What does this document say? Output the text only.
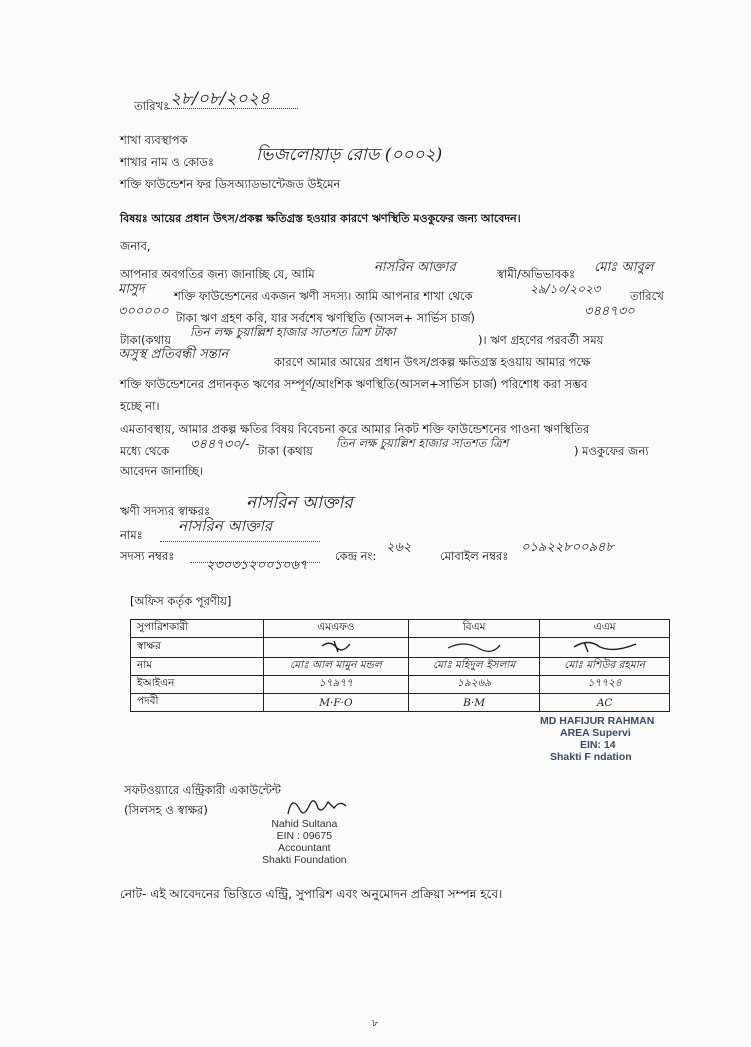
তারিখঃ ২৮/০৮/২০২৪
শাখা ব্যবস্থাপক
শাখার নাম ও কোডঃ ভিজলোয়াড় রোড (০০০২)
শক্তি ফাউন্ডেশন ফর ডিসঅ্যাডভান্টেজড উইমেন
বিষয়ঃ আয়ের প্রধান উৎস/প্রকল্প ক্ষতিগ্রস্ত হওয়ার কারণে ঋণস্থিতি মওকুফের জন্য আবেদন।
জনাব,
আপনার অবগতির জন্য জানাচ্ছি যে, আমি	নাসরিন আক্তার	স্বামী/অভিভাবকঃ মোঃ আবুল
মাসুদ	শক্তি ফাউন্ডেশনের একজন ঋণী সদস্য। আমি আপনার শাখা থেকে	২৯/১০/২০২৩	তারিখে
৩০০০০০ টাকা ঋণ গ্রহণ করি, যার সর্বশেষ ঋণস্থিতি (আসল+ সার্ভিস চার্জ)	৩৪৪৭৩০
টাকা(কথায়
তিন লক্ষ চুয়াল্লিশ হাজার সাতশত ত্রিশ টাকা
)। ঋণ গ্রহণের পরবর্তী সময়
অসুস্থ প্রতিবন্ধী সন্তান	কারণে আমার আয়ের প্রধান উৎস/প্রকল্প ক্ষতিগ্রস্ত হওয়ায় আমার পক্ষে
শক্তি ফাউন্ডেশনের প্রদানকৃত ঋণের সম্পূর্ণ/আংশিক ঋণস্থিতি(আসল+সার্ভিস চার্জ) পরিশোধ করা সম্ভব
হচ্ছে না।
এমতাবস্থায়, আমার প্রকল্প ক্ষতির বিষয় বিবেচনা করে আমার নিকট শক্তি ফাউন্ডেশনের পাওনা ঋণস্থিতির
মধ্যে থেকে ৩৪৪৭৩০/- টাকা (কথায়
তিন লক্ষ চুয়াল্লিশ হাজার সাতশত ত্রিশ
) মওকুফের জন্য
আবেদন জানাচ্ছি।
ঋণী সদস্যর স্বাক্ষরঃ নাসরিন আক্তার
নামঃ নাসরিন আক্তার
সদস্য নম্বরঃ
২৩০৩১২০০১০৬৭
কেন্দ্র নং:
২৬২
মোবাইল নম্বরঃ
০১৯২২৮০০৯৪৮
[অফিস কর্তৃক পূরণীয়]
সুপারিশকারী	এমএফও	বিএম	এএম
স্বাক্ষর			
নাম	মোঃ আল মামুন মন্ডল	মোঃ মহিদুল ইসলাম	মোঃ মশিউর রহমান
ইআইএন	১৭৯৭৭	১৯২৬৯	১৭৭২৪
পদবী	M·F·O	B·M	AC
MD HAFIJUR RAHMAN
AREA Supervi
EIN: 14
Shakti F ndation
সফটওয়্যারে এন্ট্রিকারী একাউন্টেন্ট
(সিলসহ ও স্বাক্ষর)
Nahid Sultana
EIN : 09675
Accountant
Shakti Foundation
নোট- এই আবেদনের ভিত্তিতে এন্ট্রি, সুপারিশ এবং অনুমোদন প্রক্রিয়া সম্পন্ন হবে।
৮
